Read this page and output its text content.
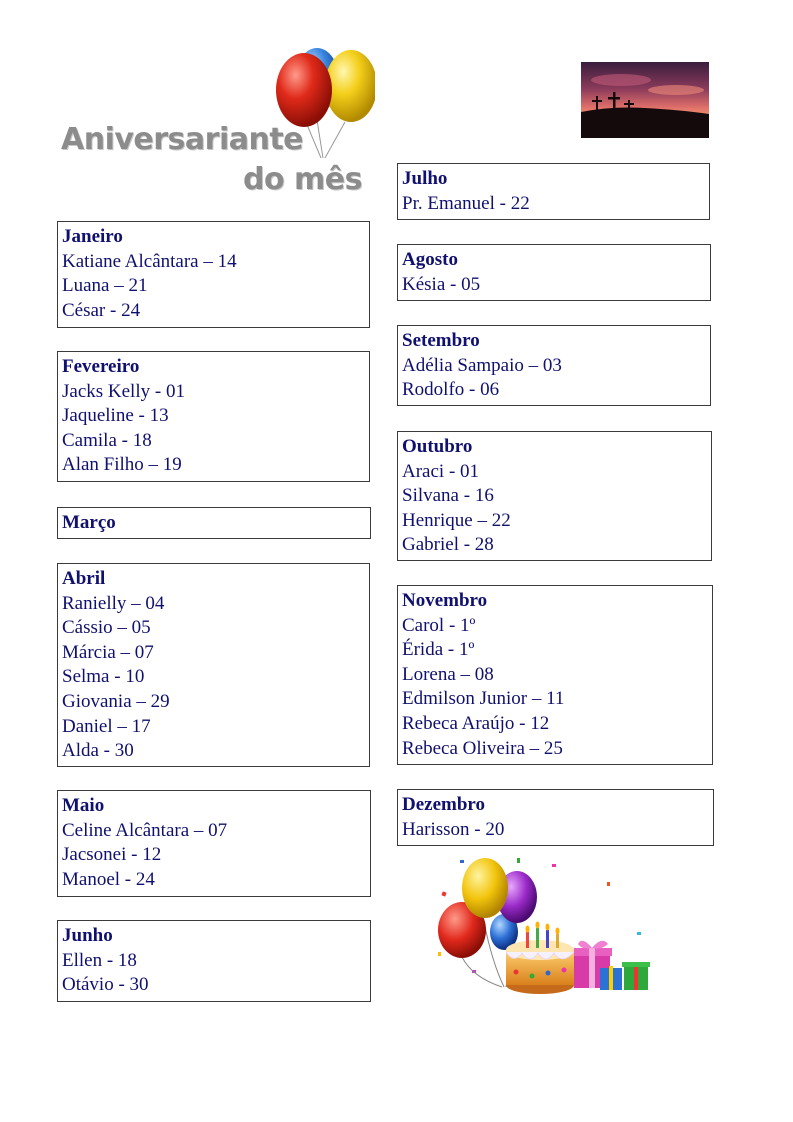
Aniversariante
do mês
Janeiro
Katiane Alcântara – 14
Luana – 21
César - 24
Fevereiro
Jacks Kelly - 01
Jaqueline - 13
Camila - 18
Alan Filho – 19
Março
Abril
Ranielly – 04
Cássio – 05
Márcia – 07
Selma - 10
Giovania – 29
Daniel – 17
Alda - 30
Maio
Celine Alcântara – 07
Jacsonei - 12
Manoel - 24
Junho
Ellen - 18
Otávio - 30
Julho
Pr. Emanuel - 22
Agosto
Késia - 05
Setembro
Adélia Sampaio – 03
Rodolfo - 06
Outubro
Araci - 01
Silvana - 16
Henrique – 22
Gabriel - 28
Novembro
Carol - 1º
Érida - 1º
Lorena – 08
Edmilson Junior – 11
Rebeca Araújo - 12
Rebeca Oliveira – 25
Dezembro
Harisson - 20
